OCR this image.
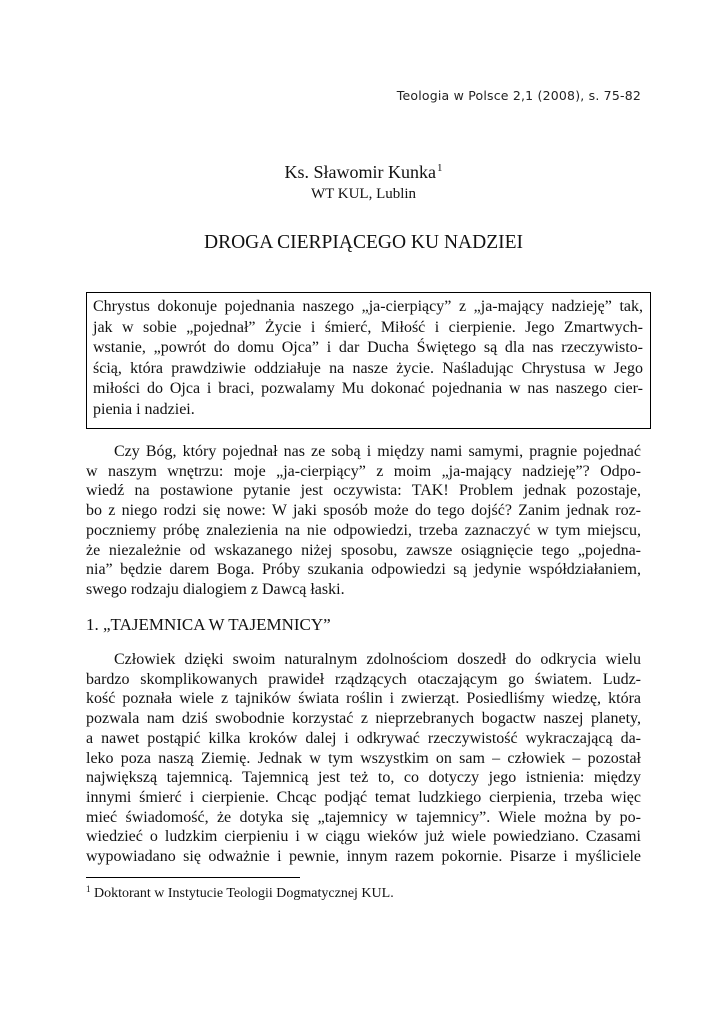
Teologia w Polsce 2,1 (2008), s. 75-82
Ks. Sławomir Kunka$^1$
WT KUL, Lublin
DROGA CIERPIĄCEGO KU NADZIEI
Chrystus dokonuje pojednania naszego „ja-cierpiący” z „ja-mający nadzieję” tak,
jak w sobie „pojednał” Życie i śmierć, Miłość i cierpienie. Jego Zmartwych-
wstanie, „powrót do domu Ojca” i dar Ducha Świętego są dla nas rzeczywisto-
ścią, która prawdziwie oddziałuje na nasze życie. Naśladując Chrystusa w Jego
miłości do Ojca i braci, pozwalamy Mu dokonać pojednania w nas naszego cier-
pienia i nadziei.
Czy Bóg, który pojednał nas ze sobą i między nami samymi, pragnie pojednać
w naszym wnętrzu: moje „ja-cierpiący” z moim „ja-mający nadzieję”? Odpo-
wiedź na postawione pytanie jest oczywista: TAK! Problem jednak pozostaje,
bo z niego rodzi się nowe: W jaki sposób może do tego dojść? Zanim jednak roz-
poczniemy próbę znalezienia na nie odpowiedzi, trzeba zaznaczyć w tym miejscu,
że niezależnie od wskazanego niżej sposobu, zawsze osiągnięcie tego „pojedna-
nia” będzie darem Boga. Próby szukania odpowiedzi są jedynie współdziałaniem,
swego rodzaju dialogiem z Dawcą łaski.
1. „TAJEMNICA W TAJEMNICY”
Człowiek dzięki swoim naturalnym zdolnościom doszedł do odkrycia wielu
bardzo skomplikowanych prawideł rządzących otaczającym go światem. Ludz-
kość poznała wiele z tajników świata roślin i zwierząt. Posiedliśmy wiedzę, która
pozwala nam dziś swobodnie korzystać z nieprzebranych bogactw naszej planety,
a nawet postąpić kilka kroków dalej i odkrywać rzeczywistość wykraczającą da-
leko poza naszą Ziemię. Jednak w tym wszystkim on sam – człowiek – pozostał
największą tajemnicą. Tajemnicą jest też to, co dotyczy jego istnienia: między
innymi śmierć i cierpienie. Chcąc podjąć temat ludzkiego cierpienia, trzeba więc
mieć świadomość, że dotyka się „tajemnicy w tajemnicy”. Wiele można by po-
wiedzieć o ludzkim cierpieniu i w ciągu wieków już wiele powiedziano. Czasami
wypowiadano się odważnie i pewnie, innym razem pokornie. Pisarze i myśliciele
$^1$ Doktorant w Instytucie Teologii Dogmatycznej KUL.
